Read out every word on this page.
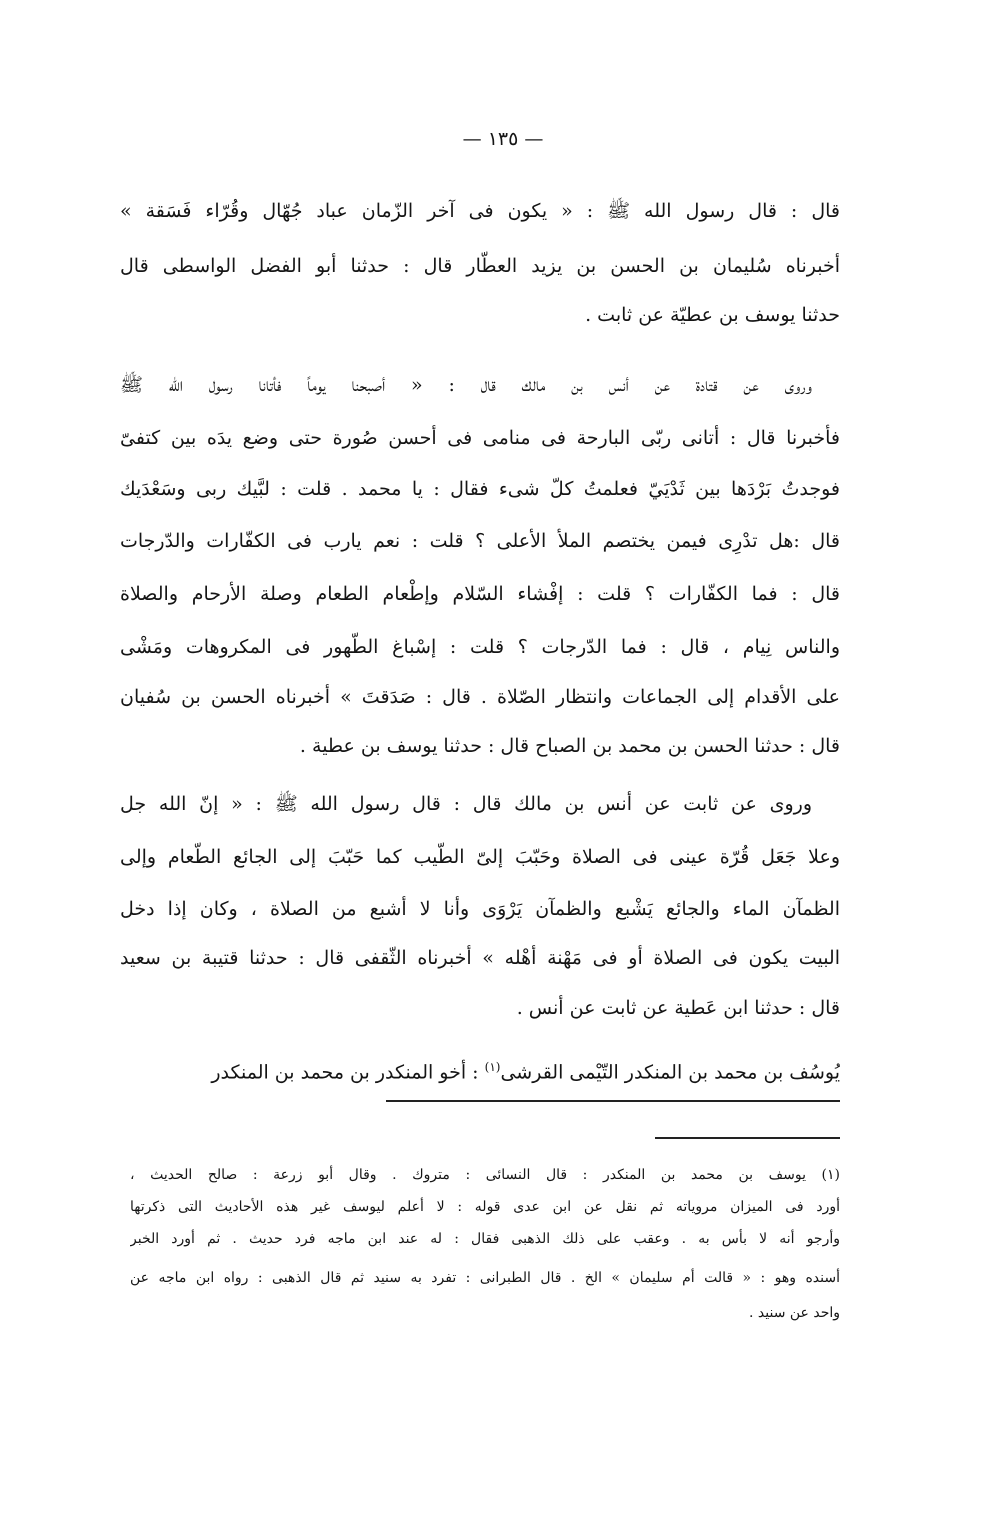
— ١٣٥ —
قال : قال رسول الله ﷺ : « يكون فى آخر الزّمان عباد جُهّال وقُرّاء فَسَقة »
أخبرناه سُليمان بن الحسن بن يزيد العطّار قال : حدثنا أبو الفضل الواسطى قال
حدثنا يوسف بن عطيّة عن ثابت .
وروى عن قتادة عن أنس بن مالك قال : « أصبحنا يوماً فأتانا رسول الله ﷺ
فأخبرنا قال : أتانى ربّى البارحة فى منامى فى أحسن صُورة حتى وضع يدَه بين كتفىّ
فوجدتُ بَرْدَها بين ثَدْيَيّ فعلمتُ كلّ شىء فقال : يا محمد . قلت : لبَّيك ربى وسَعْدَيك
قال :هل تدْرِى فيمن يختصم الملأ الأعلى ؟ قلت : نعم يارب فى الكفّارات والدّرجات
قال : فما الكفّارات ؟ قلت : إفْشاء السّلام وإطْعام الطعام وصلة الأرحام والصلاة
والناس نِيام ، قال : فما الدّرجات ؟ قلت : إسْباغ الطّهور فى المكروهات ومَشْى
على الأقدام إلى الجماعات وانتظار الصّلاة . قال : صَدَقتَ » أخبرناه الحسن بن سُفيان
قال : حدثنا الحسن بن محمد بن الصباح قال : حدثنا يوسف بن عطية .
وروى عن ثابت عن أنس بن مالك قال : قال رسول الله ﷺ : « إنّ الله جل
وعلا جَعَل قُرّة عينى فى الصلاة وحَبّبَ إلىّ الطّيب كما حَبّبَ إلى الجائع الطّعام وإلى
الظمآن الماء والجائع يَشْبع والظمآن يَرْوَى وأنا لا أشبع من الصلاة ، وكان إذا دخل
البيت يكون فى الصلاة أو فى مَهْنة أهْله » أخبرناه الثّقفى قال : حدثنا قتيبة بن سعيد
قال : حدثنا ابن عَطية عن ثابت عن أنس .
يُوسُف بن محمد بن المنكدر التّيْمى القرشى$^{(١)}$ : أخو المنكدر بن محمد بن المنكدر
(١) يوسف بن محمد بن المنكدر : قال النسائى : متروك . وقال أبو زرعة : صالح الحديث ،
أورد فى الميزان مروياته ثم نقل عن ابن عدى قوله : لا أعلم ليوسف غير هذه الأحاديث التى ذكرتها
وأرجو أنه لا بأس به . وعقب على ذلك الذهبى فقال : له عند ابن ماجه فرد حديث . ثم أورد الخبر
أسنده وهو : « قالت أم سليمان » الخ . قال الطبرانى : تفرد به سنيد ثم قال الذهبى : رواه ابن ماجه عن
واحد عن سنيد .
